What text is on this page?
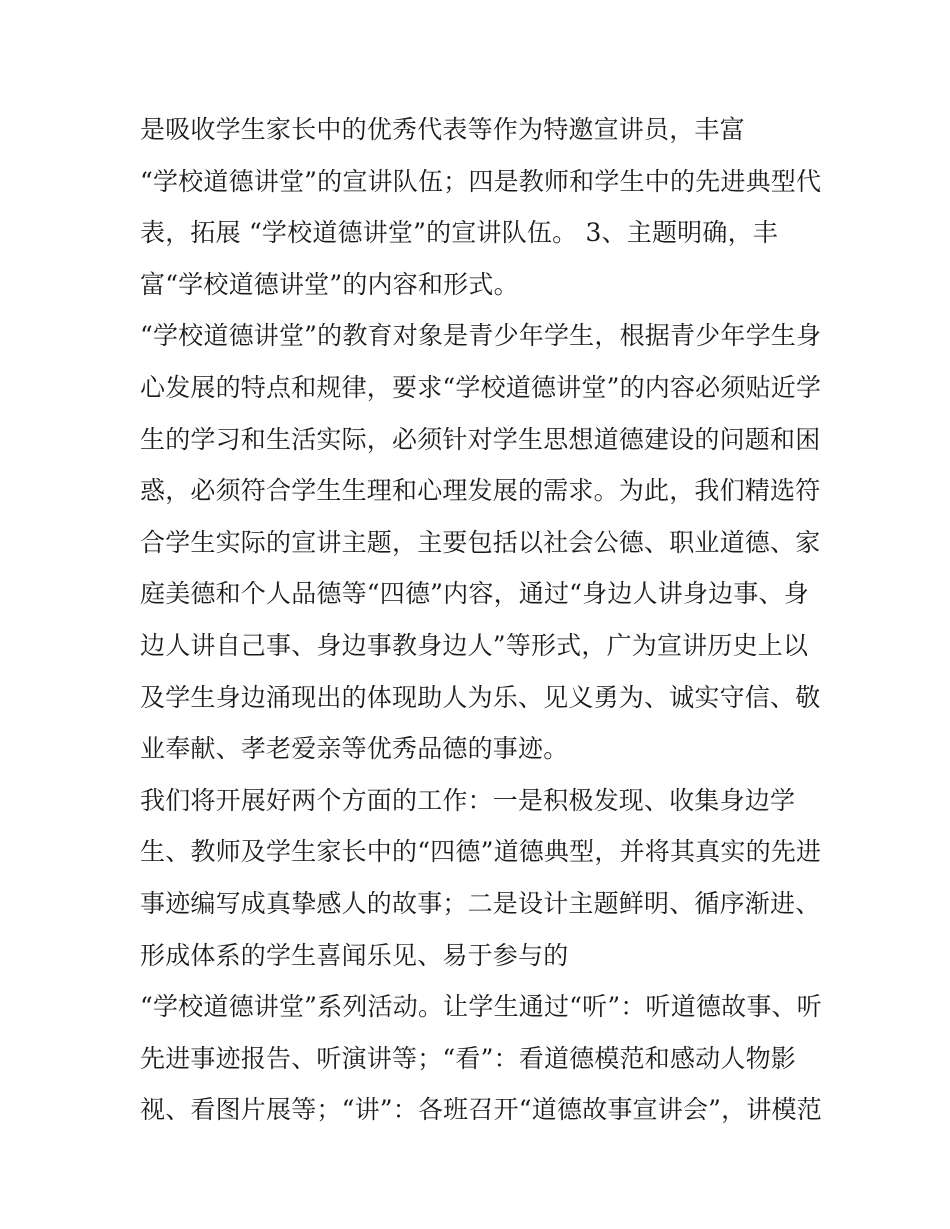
是吸收学生家长中的优秀代表等作为特邀宣讲员，丰富
“学校道德讲堂”的宣讲队伍；四是教师和学生中的先进典型代
表，拓展 “学校道德讲堂”的宣讲队伍。 3、主题明确，丰
富“学校道德讲堂”的内容和形式。
“学校道德讲堂”的教育对象是青少年学生，根据青少年学生身
心发展的特点和规律，要求“学校道德讲堂”的内容必须贴近学
生的学习和生活实际，必须针对学生思想道德建设的问题和困
惑，必须符合学生生理和心理发展的需求。为此，我们精选符
合学生实际的宣讲主题，主要包括以社会公德、职业道德、家
庭美德和个人品德等“四德”内容，通过“身边人讲身边事、身
边人讲自己事、身边事教身边人”等形式，广为宣讲历史上以
及学生身边涌现出的体现助人为乐、见义勇为、诚实守信、敬
业奉献、孝老爱亲等优秀品德的事迹。
我们将开展好两个方面的工作：一是积极发现、收集身边学
生、教师及学生家长中的“四德”道德典型，并将其真实的先进
事迹编写成真挚感人的故事；二是设计主题鲜明、循序渐进、
形成体系的学生喜闻乐见、易于参与的
“学校道德讲堂”系列活动。让学生通过“听”：听道德故事、听
先进事迹报告、听演讲等；“看”：看道德模范和感动人物影
视、看图片展等；“讲”：各班召开“道德故事宣讲会”，讲模范
